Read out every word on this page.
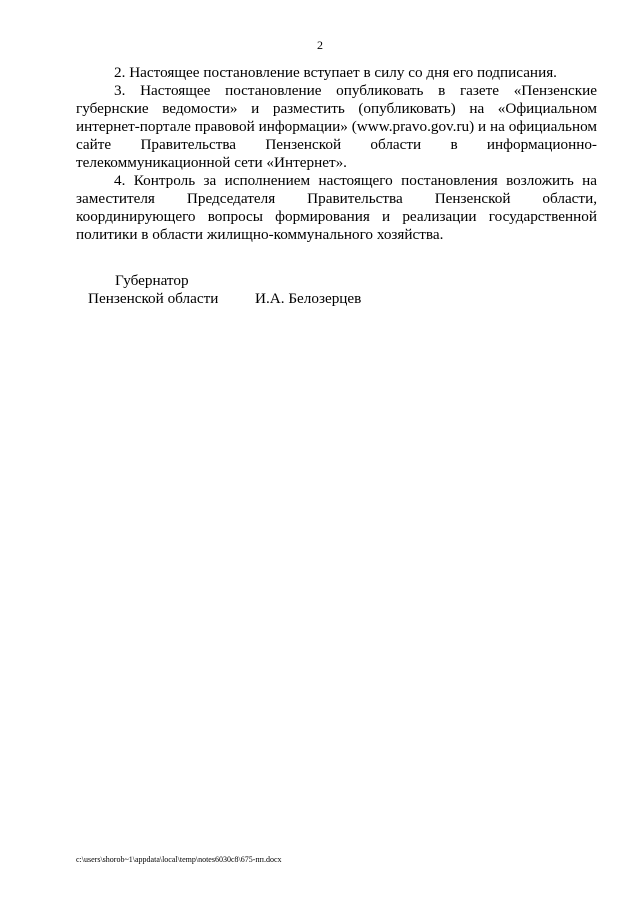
2

2. Настоящее постановление вступает в силу со дня его подписания.

3. Настоящее постановление опубликовать в газете «Пензенские губернские ведомости» и разместить (опубликовать) на «Официальном интернет-портале правовой информации» (www.pravo.gov.ru) и на официальном сайте Правительства Пензенской области в информационно-телекоммуникационной сети «Интернет».

4. Контроль за исполнением настоящего постановления возложить на заместителя Председателя Правительства Пензенской области, координирующего вопросы формирования и реализации государственной политики в области жилищно-коммунального хозяйства.

Губернатор
Пензенской области И.А. Белозерцев
c:\users\shorob~1\appdata\local\temp\notes6030c8\675-пп.docx
